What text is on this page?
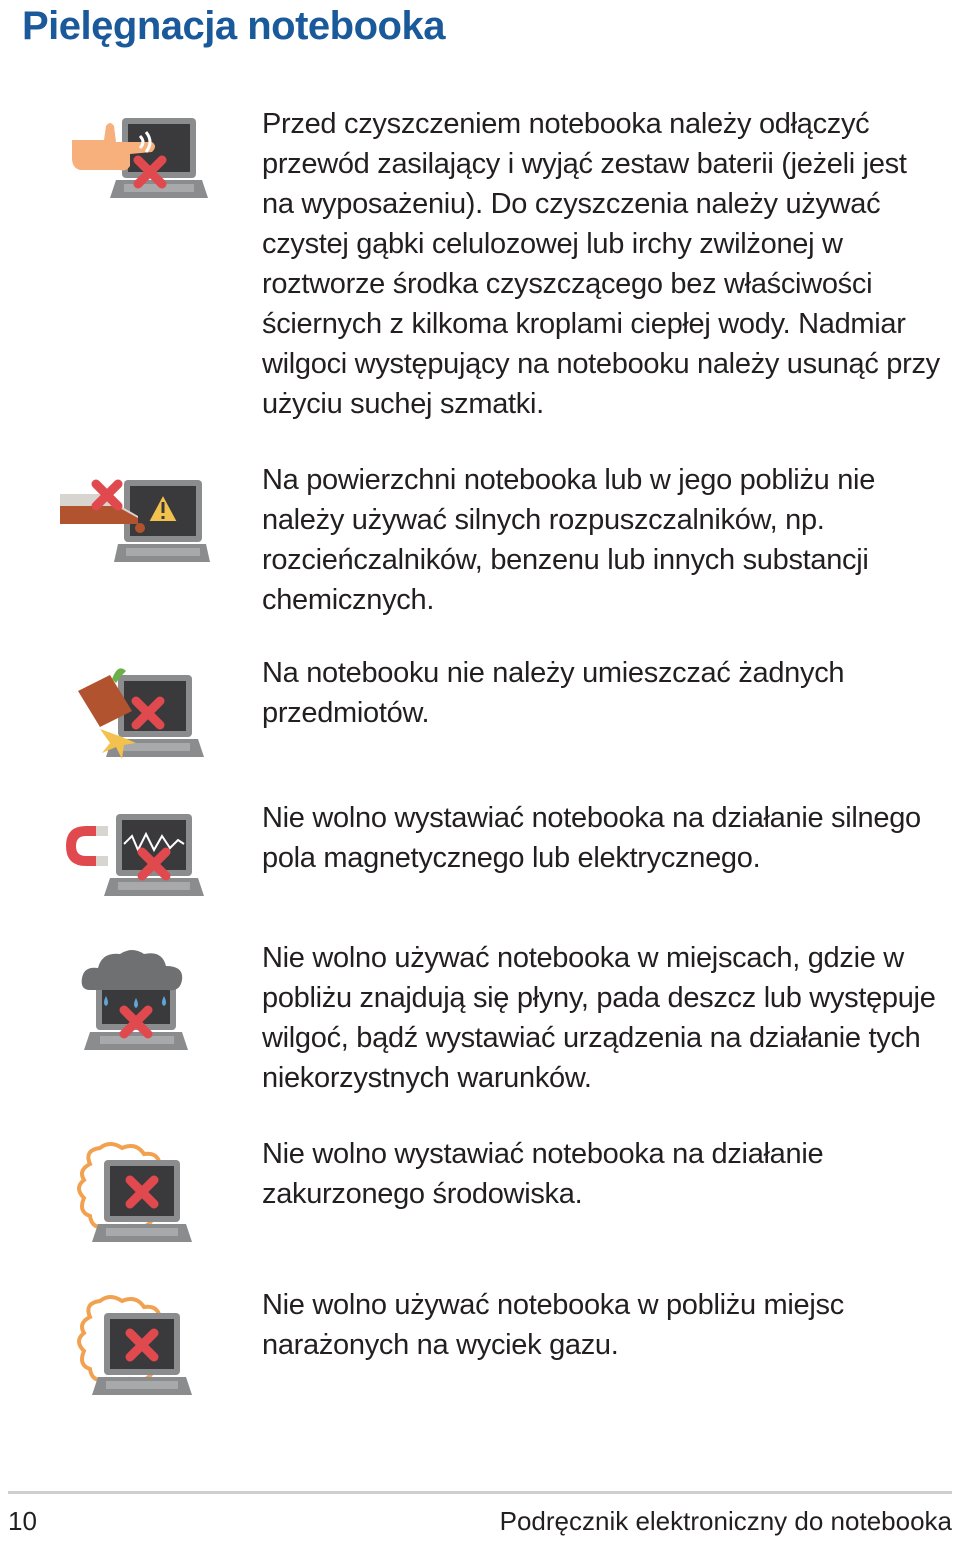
Pielęgnacja notebooka
Przed czyszczeniem notebooka należy odłączyć przewód zasilający i wyjąć zestaw baterii (jeżeli jest na wyposażeniu). Do czyszczenia należy używać czystej gąbki celulozowej lub irchy zwilżonej w roztworze środka czyszczącego bez właściwości ściernych z kilkoma kroplami ciepłej wody. Nadmiar wilgoci występujący na notebooku należy usunąć przy użyciu suchej szmatki.
Na powierzchni notebooka lub w jego pobliżu nie należy używać silnych rozpuszczalników, np. rozcieńczalników, benzenu lub innych substancji chemicznych.
Na notebooku nie należy umieszczać żadnych przedmiotów.
Nie wolno wystawiać notebooka na działanie silnego pola magnetycznego lub elektrycznego.
Nie wolno używać notebooka w miejscach, gdzie w pobliżu znajdują się płyny, pada deszcz lub występuje wilgoć, bądź wystawiać urządzenia na działanie tych niekorzystnych warunków.
Nie wolno wystawiać notebooka na działanie zakurzonego środowiska.
Nie wolno używać notebooka w pobliżu miejsc narażonych na wyciek gazu.
10	Podręcznik elektroniczny do notebooka
